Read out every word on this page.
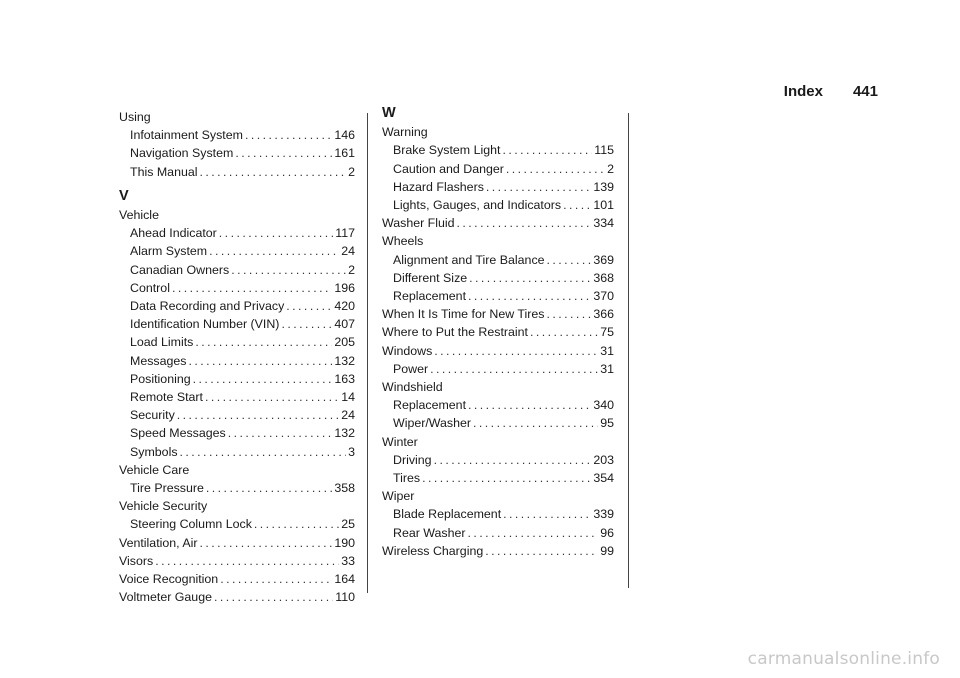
Index 441
Using
Infotainment System . . .	146
Navigation System . . .	161
This Manual . . .	2
V
Vehicle
Ahead Indicator . . .	117
Alarm System . . .	24
Canadian Owners . . .	2
Control . . .	196
Data Recording and Privacy . . .	420
Identification Number (VIN) . . .	407
Load Limits . . .	205
Messages . . .	132
Positioning . . .	163
Remote Start . . .	14
Security . . .	24
Speed Messages . . .	132
Symbols . . .	3
Vehicle Care
Tire Pressure . . .	358
Vehicle Security
Steering Column Lock . . .	25
Ventilation, Air . . .	190
Visors . . .	33
Voice Recognition . . .	164
Voltmeter Gauge . . .	110
W
Warning
Brake System Light . . .	115
Caution and Danger . . .	2
Hazard Flashers . . .	139
Lights, Gauges, and Indicators . . .	101
Washer Fluid . . .	334
Wheels
Alignment and Tire Balance . . .	369
Different Size . . .	368
Replacement . . .	370
When It Is Time for New Tires . . .	366
Where to Put the Restraint . . .	75
Windows . . .	31
Power . . .	31
Windshield
Replacement . . .	340
Wiper/Washer . . .	95
Winter
Driving . . .	203
Tires . . .	354
Wiper
Blade Replacement . . .	339
Rear Washer . . .	96
Wireless Charging . . .	99
carmanualsonline.info
